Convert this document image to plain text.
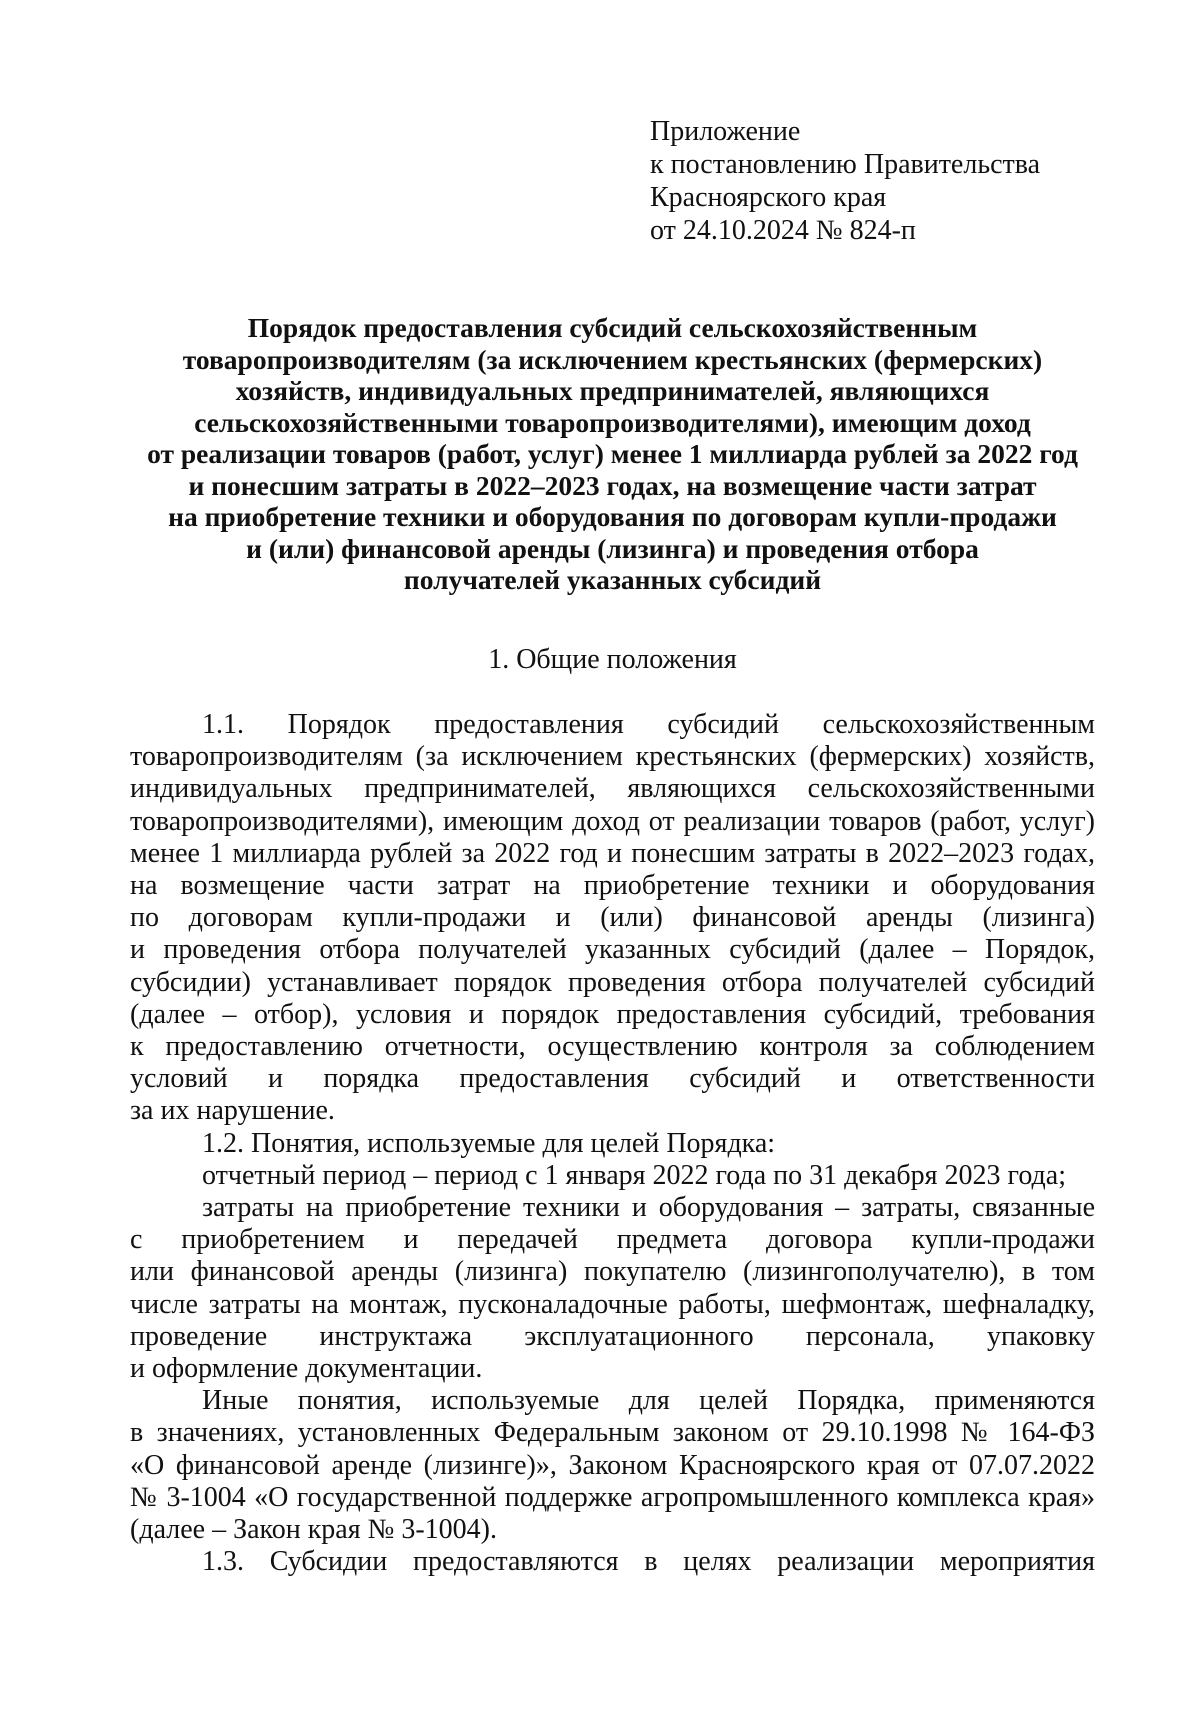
Приложение
к постановлению Правительства
Красноярского края
от 24.10.2024 № 824-п
Порядок предоставления субсидий сельскохозяйственным
товаропроизводителям (за исключением крестьянских (фермерских)
хозяйств, индивидуальных предпринимателей, являющихся
сельскохозяйственными товаропроизводителями), имеющим доход
от реализации товаров (работ, услуг) менее 1 миллиарда рублей за 2022 год
и понесшим затраты в 2022–2023 годах, на возмещение части затрат
на приобретение техники и оборудования по договорам купли-продажи
и (или) финансовой аренды (лизинга) и проведения отбора
получателей указанных субсидий
1. Общие положения
1.1. Порядок предоставления субсидий сельскохозяйственным
товаропроизводителям (за исключением крестьянских (фермерских) хозяйств,
индивидуальных предпринимателей, являющихся сельскохозяйственными
товаропроизводителями), имеющим доход от реализации товаров (работ, услуг)
менее 1 миллиарда рублей за 2022 год и понесшим затраты в 2022–2023 годах,
на возмещение части затрат на приобретение техники и оборудования
по договорам купли-продажи и (или) финансовой аренды (лизинга)
и проведения отбора получателей указанных субсидий (далее – Порядок,
субсидии) устанавливает порядок проведения отбора получателей субсидий
(далее – отбор), условия и порядок предоставления субсидий, требования
к предоставлению отчетности, осуществлению контроля за соблюдением
условий и порядка предоставления субсидий и ответственности
за их нарушение.
1.2. Понятия, используемые для целей Порядка:
отчетный период – период с 1 января 2022 года по 31 декабря 2023 года;
затраты на приобретение техники и оборудования – затраты, связанные
с приобретением и передачей предмета договора купли-продажи
или финансовой аренды (лизинга) покупателю (лизингополучателю), в том
числе затраты на монтаж, пусконаладочные работы, шефмонтаж, шефналадку,
проведение инструктажа эксплуатационного персонала, упаковку
и оформление документации.
Иные понятия, используемые для целей Порядка, применяются
в значениях, установленных Федеральным законом от 29.10.1998 № 164-ФЗ
«О финансовой аренде (лизинге)», Законом Красноярского края от 07.07.2022
№ 3-1004 «О государственной поддержке агропромышленного комплекса края»
(далее – Закон края № 3-1004).
1.3. Субсидии предоставляются в целях реализации мероприятия
